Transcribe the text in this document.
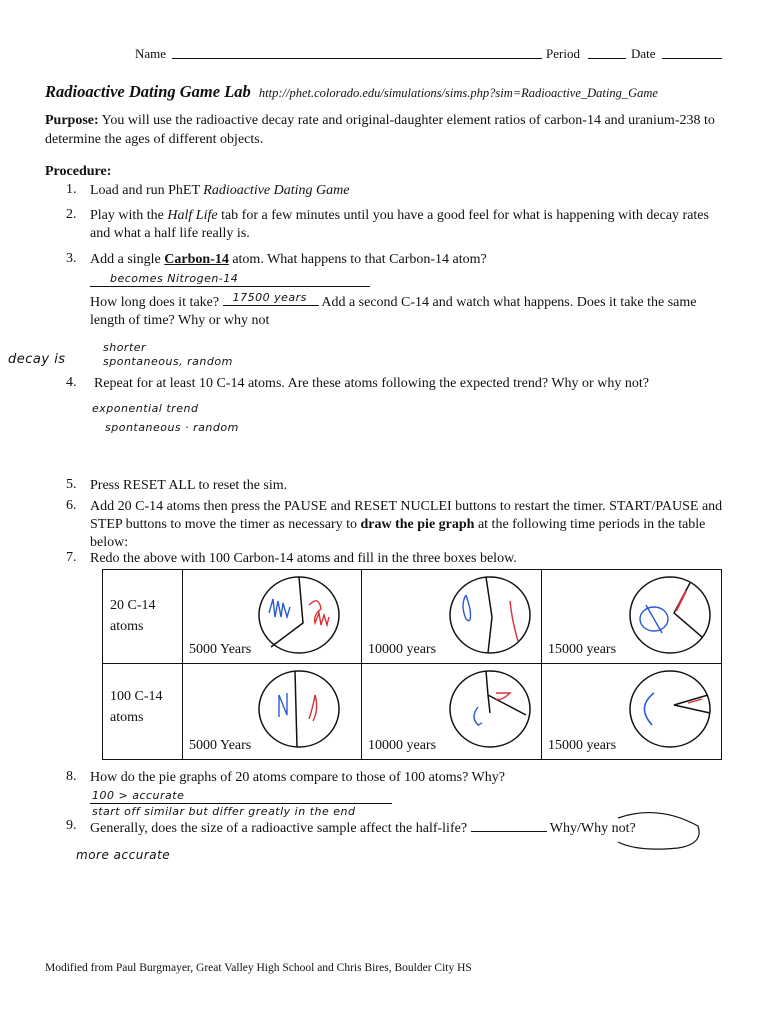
Name	Period	Date
Radioactive Dating Game Lab http://phet.colorado.edu/simulations/sims.php?sim=Radioactive_Dating_Game
Purpose: You will use the radioactive decay rate and original-daughter element ratios of carbon-14 and uranium-238 to determine the ages of different objects.
Procedure:
1. Load and run PhET Radioactive Dating Game
2. Play with the Half Life tab for a few minutes until you have a good feel for what is happening with decay rates and what a half life really is.
3. Add a single Carbon-14 atom. What happens to that Carbon-14 atom?
becomes Nitrogen-14
How long does it take? 17500 years Add a second C-14 and watch what happens. Does it take the same length of time? Why or why not
decay is
shorter
spontaneous, random
4. Repeat for at least 10 C-14 atoms. Are these atoms following the expected trend? Why or why not?
exponential trend
spontaneous · random
5. Press RESET ALL to reset the sim.
6. Add 20 C-14 atoms then press the PAUSE and RESET NUCLEI buttons to restart the timer. START/PAUSE and STEP buttons to move the timer as necessary to draw the pie graph at the following time periods in the table below:
7. Redo the above with 100 Carbon-14 atoms and fill in the three boxes below.
20 C-14
atoms	5000 Years	10000 years	15000 years

100 C-14
atoms	5000 Years	10000 years	15000 years
8. How do the pie graphs of 20 atoms compare to those of 100 atoms? Why?
100 > accurate
start off similar but differ greatly in the end
9. Generally, does the size of a radioactive sample affect the half-life?	Why/Why not?
more accurate
Modified from Paul Burgmayer, Great Valley High School and Chris Bires, Boulder City HS
